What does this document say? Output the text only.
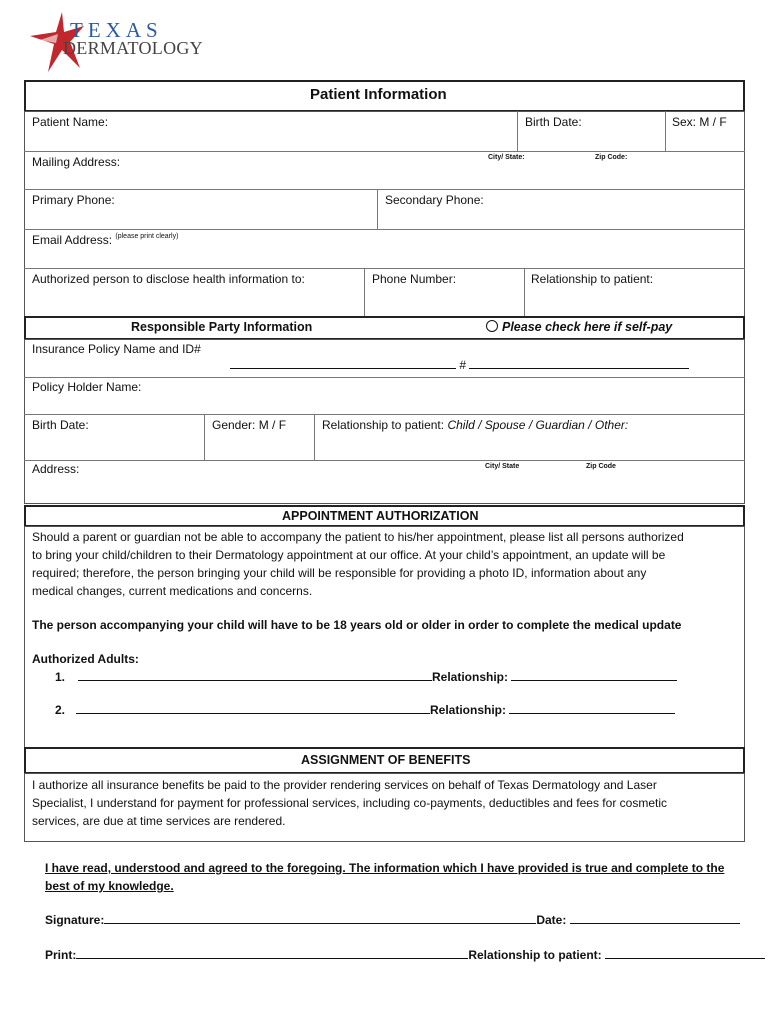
TEXAS
DERMATOLOGY
Patient Information
Patient Name:	Birth Date:	Sex: M / F
Mailing Address:	City/ State:	Zip Code:
Primary Phone:	Secondary Phone:
Email Address: $^{(please print clearly)}$
Authorized person to disclose health information to:	Phone Number:	Relationship to patient:
Responsible Party Information	Please check here if self-pay
Insurance Policy Name and ID#
#
Policy Holder Name:
Birth Date:	Gender: M / F	Relationship to patient: Child / Spouse / Guardian / Other:
Address:	City/ State	Zip Code
APPOINTMENT AUTHORIZATION
Should a parent or guardian not be able to accompany the patient to his/her appointment, please list all persons authorized
to bring your child/children to their Dermatology appointment at our office. At your child’s appointment, an update will be
required; therefore, the person bringing your child will be responsible for providing a photo ID, information about any
medical changes, current medications and concerns.
The person accompanying your child will have to be 18 years old or older in order to complete the medical update
Authorized Adults:
1.	Relationship:
2.	Relationship:
ASSIGNMENT OF BENEFITS
I authorize all insurance benefits be paid to the provider rendering services on behalf of Texas Dermatology and Laser
Specialist, I understand for payment for professional services, including co-payments, deductibles and fees for cosmetic
services, are due at time services are rendered.
I have read, understood and agreed to the foregoing. The information which I have provided is true and complete to the
best of my knowledge.
Signature:	Date:
Print:	Relationship to patient:
